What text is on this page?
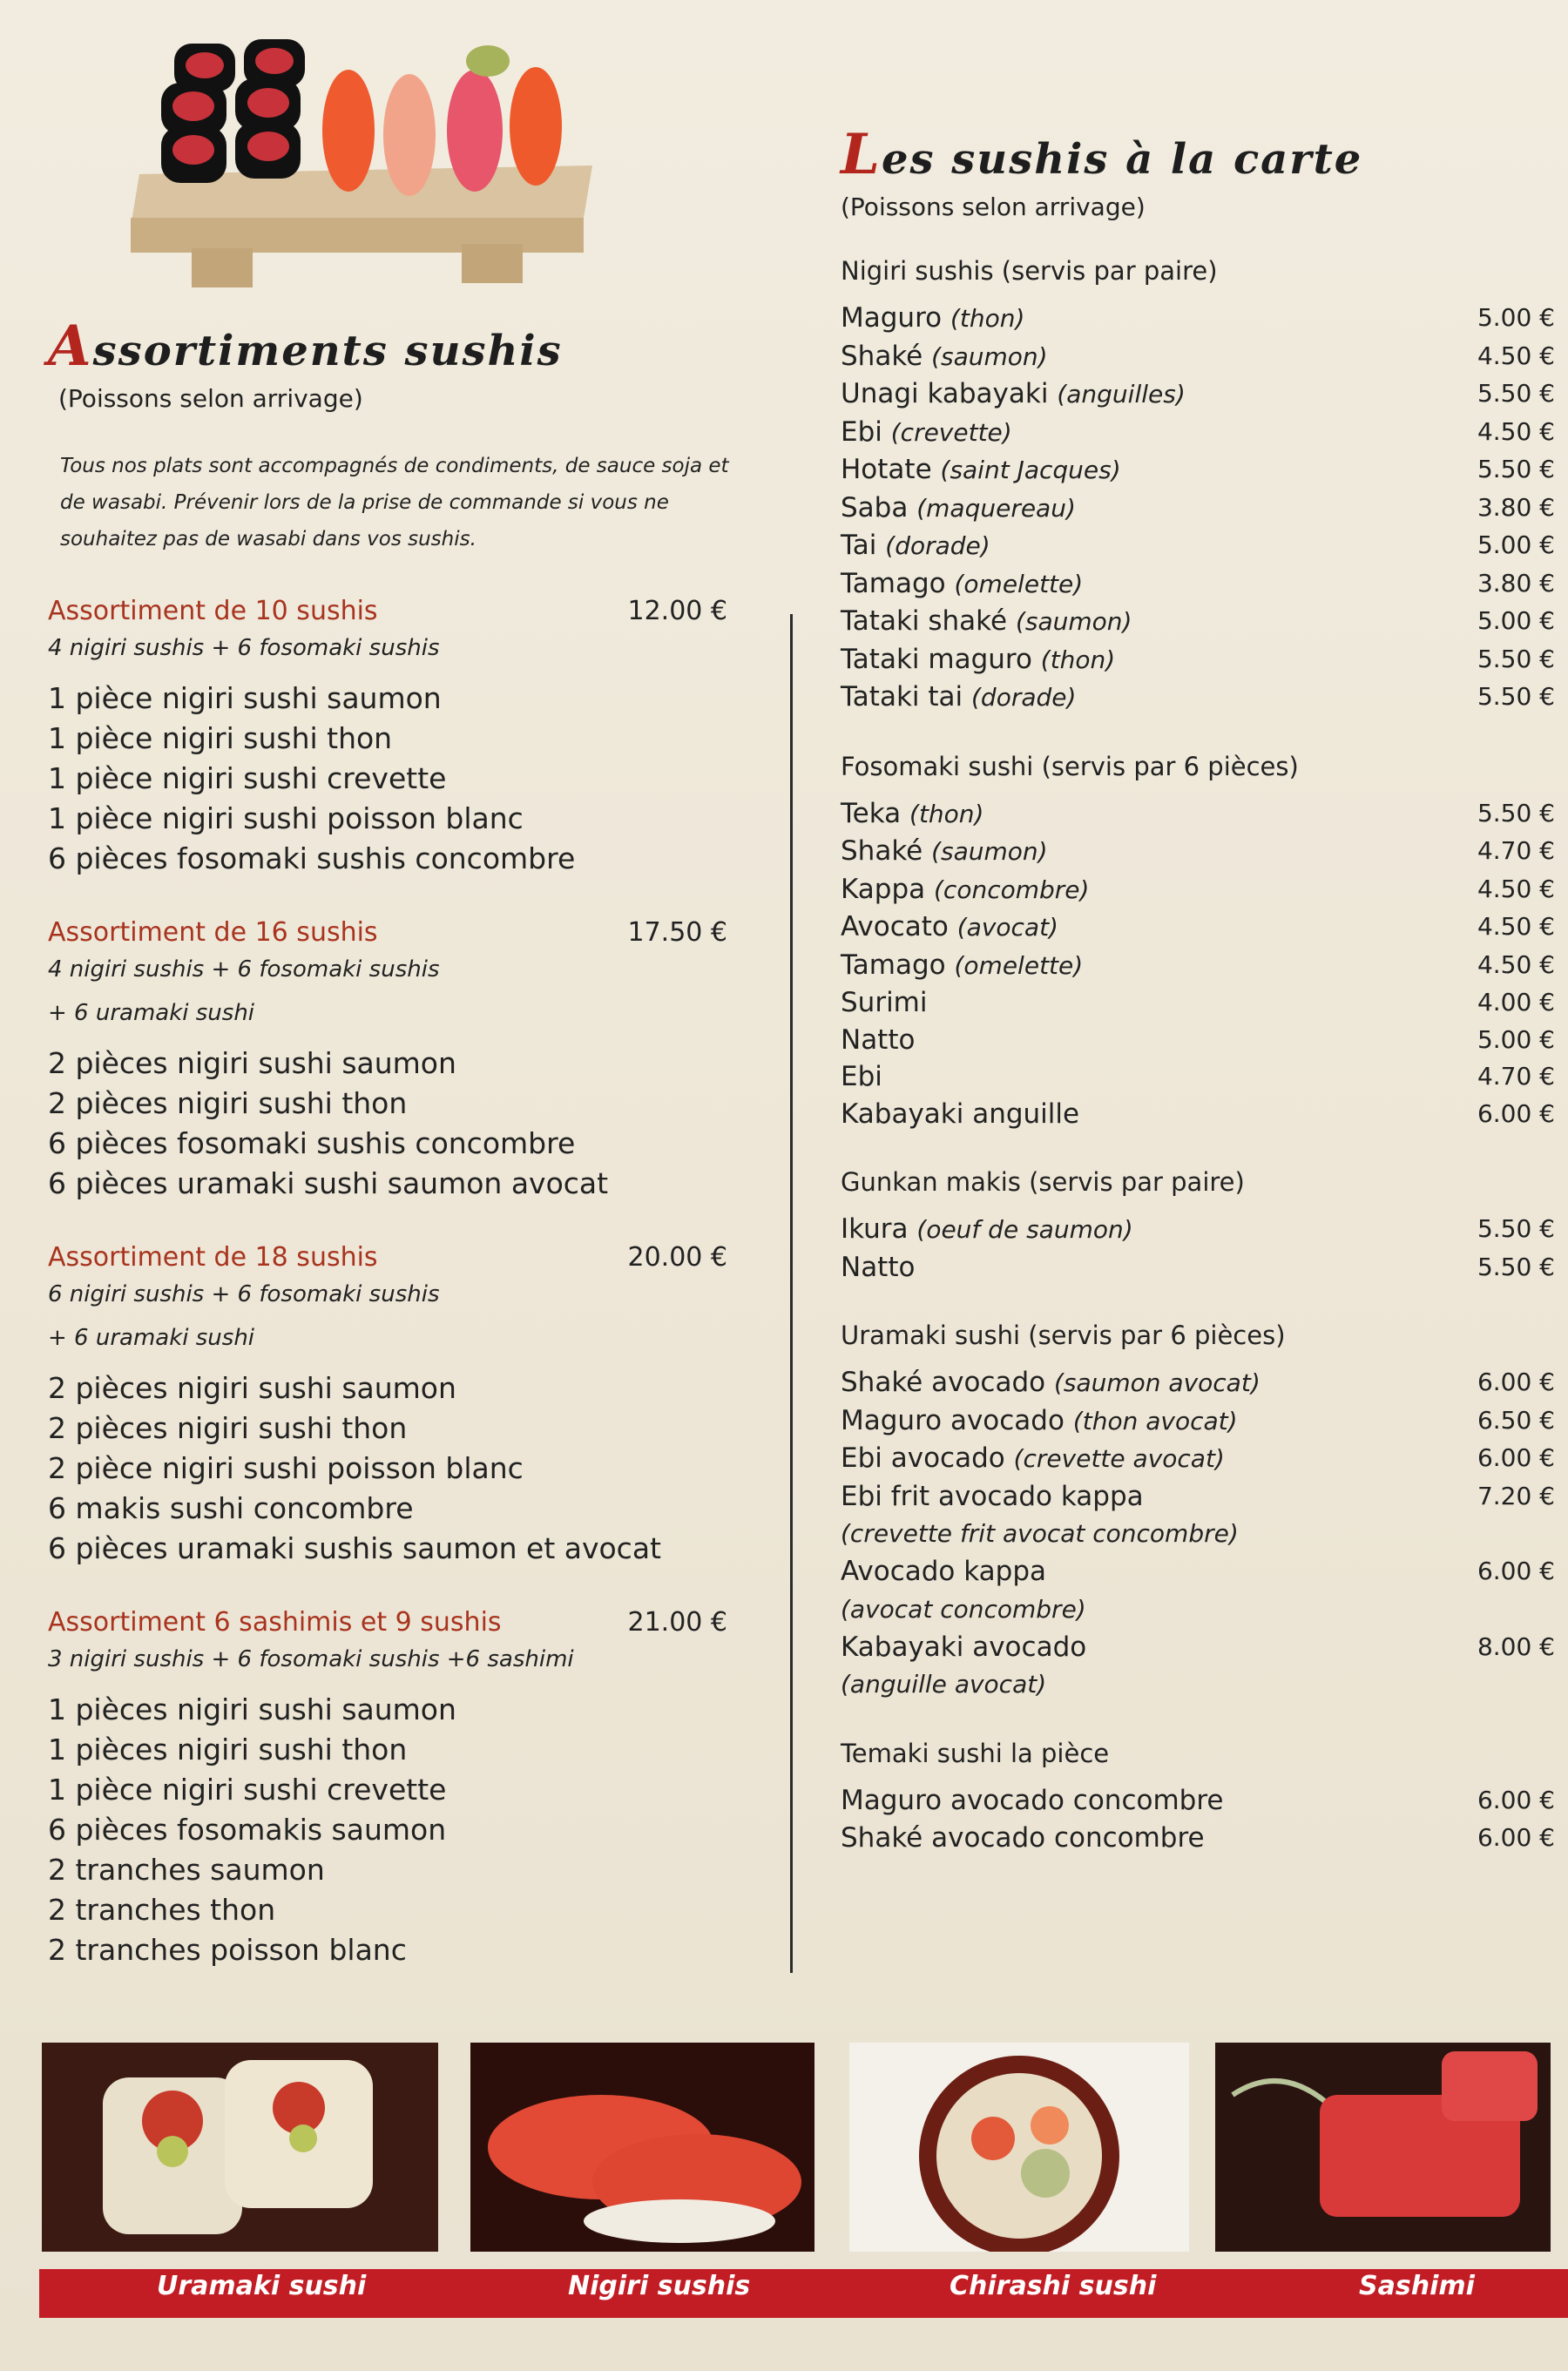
Assortiments sushis
(Poissons selon arrivage)
Tous nos plats sont accompagnés de condiments, de sauce soja et de wasabi. Prévenir lors de la prise de commande si vous ne souhaitez pas de wasabi dans vos sushis.
Assortiment de 10 sushis	12.00 €
4 nigiri sushis + 6 fosomaki sushis
1 pièce nigiri sushi saumon
1 pièce nigiri sushi thon
1 pièce nigiri sushi crevette
1 pièce nigiri sushi poisson blanc
6 pièces fosomaki sushis concombre
Assortiment de 16 sushis	17.50 €
4 nigiri sushis + 6 fosomaki sushis
+ 6 uramaki sushi
2 pièces nigiri sushi saumon
2 pièces nigiri sushi thon
6 pièces fosomaki sushis concombre
6 pièces uramaki sushi saumon avocat
Assortiment de 18 sushis	20.00 €
6 nigiri sushis + 6 fosomaki sushis
+ 6 uramaki sushi
2 pièces nigiri sushi saumon
2 pièces nigiri sushi thon
2 pièce nigiri sushi poisson blanc
6 makis sushi concombre
6 pièces uramaki sushis saumon et avocat
Assortiment 6 sashimis et 9 sushis	21.00 €
3 nigiri sushis + 6 fosomaki sushis +6 sashimi
1 pièces nigiri sushi saumon
1 pièces nigiri sushi thon
1 pièce nigiri sushi crevette
6 pièces fosomakis saumon
2 tranches saumon
2 tranches thon
2 tranches poisson blanc
Les sushis à la carte
(Poissons selon arrivage)
Nigiri sushis (servis par paire)
Maguro (thon)	5.00 €
Shaké (saumon)	4.50 €
Unagi kabayaki (anguilles)	5.50 €
Ebi (crevette)	4.50 €
Hotate (saint Jacques)	5.50 €
Saba (maquereau)	3.80 €
Tai (dorade)	5.00 €
Tamago (omelette)	3.80 €
Tataki shaké (saumon)	5.00 €
Tataki maguro (thon)	5.50 €
Tataki tai (dorade)	5.50 €
Fosomaki sushi (servis par 6 pièces)
Teka (thon)	5.50 €
Shaké (saumon)	4.70 €
Kappa (concombre)	4.50 €
Avocato (avocat)	4.50 €
Tamago (omelette)	4.50 €
Surimi	4.00 €
Natto	5.00 €
Ebi	4.70 €
Kabayaki anguille	6.00 €
Gunkan makis (servis par paire)
Ikura (oeuf de saumon)	5.50 €
Natto	5.50 €
Uramaki sushi (servis par 6 pièces)
Shaké avocado (saumon avocat)	6.00 €
Maguro avocado (thon avocat)	6.50 €
Ebi avocado (crevette avocat)	6.00 €
Ebi frit avocado kappa	7.20 €
(crevette frit avocat concombre)
Avocado kappa	6.00 €
(avocat concombre)
Kabayaki avocado	8.00 €
(anguille avocat)
Temaki sushi la pièce
Maguro avocado concombre	6.00 €
Shaké avocado concombre	6.00 €
Uramaki sushi	Nigiri sushis	Chirashi sushi	Sashimi
